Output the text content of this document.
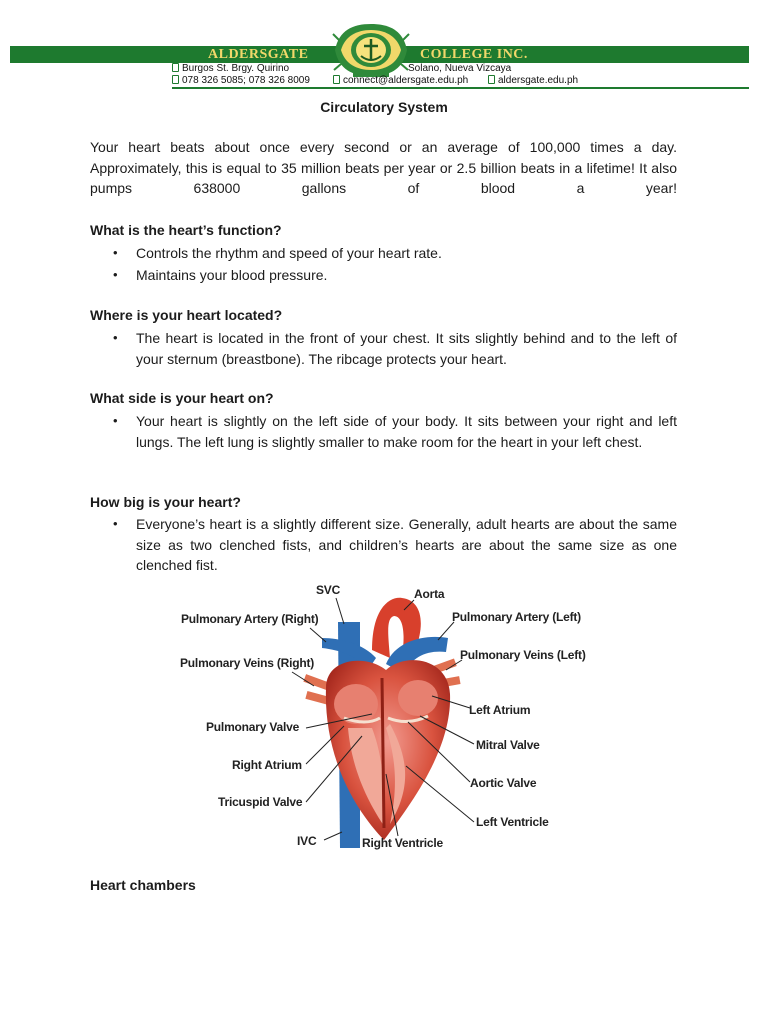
ALDERSGATE	COLLEGE INC.
Burgos St. Brgy. Quirino	Solano, Nueva Vizcaya
078 326 5085; 078 326 8009	connect@aldersgate.edu.ph	aldersgate.edu.ph
Circulatory System

Your heart beats about once every second or an average of 100,000 times a day. Approximately, this is equal to 35 million beats per year or 2.5 billion beats in a lifetime! It also pumps 638000 gallons of blood a year!

What is the heart’s function?

• Controls the rhythm and speed of your heart rate.
• Maintains your blood pressure.

Where is your heart located?

• The heart is located in the front of your chest. It sits slightly behind and to the left of your sternum (breastbone). The ribcage protects your heart.

What side is your heart on?

• Your heart is slightly on the left side of your body. It sits between your right and left lungs. The left lung is slightly smaller to make room for the heart in your left chest.

How big is your heart?

• Everyone’s heart is a slightly different size. Generally, adult hearts are about the same size as two clenched fists, and children’s hearts are about the same size as one clenched fist.
SVC	Aorta
Pulmonary Artery (Right)	Pulmonary Artery (Left)
Pulmonary Veins (Right)
Pulmonary Veins (Left)
Left Atrium
Pulmonary Valve
Mitral Valve
Right Atrium
Aortic Valve
Tricuspid Valve
Left Ventricle
IVC	Right Ventricle

Heart chambers
